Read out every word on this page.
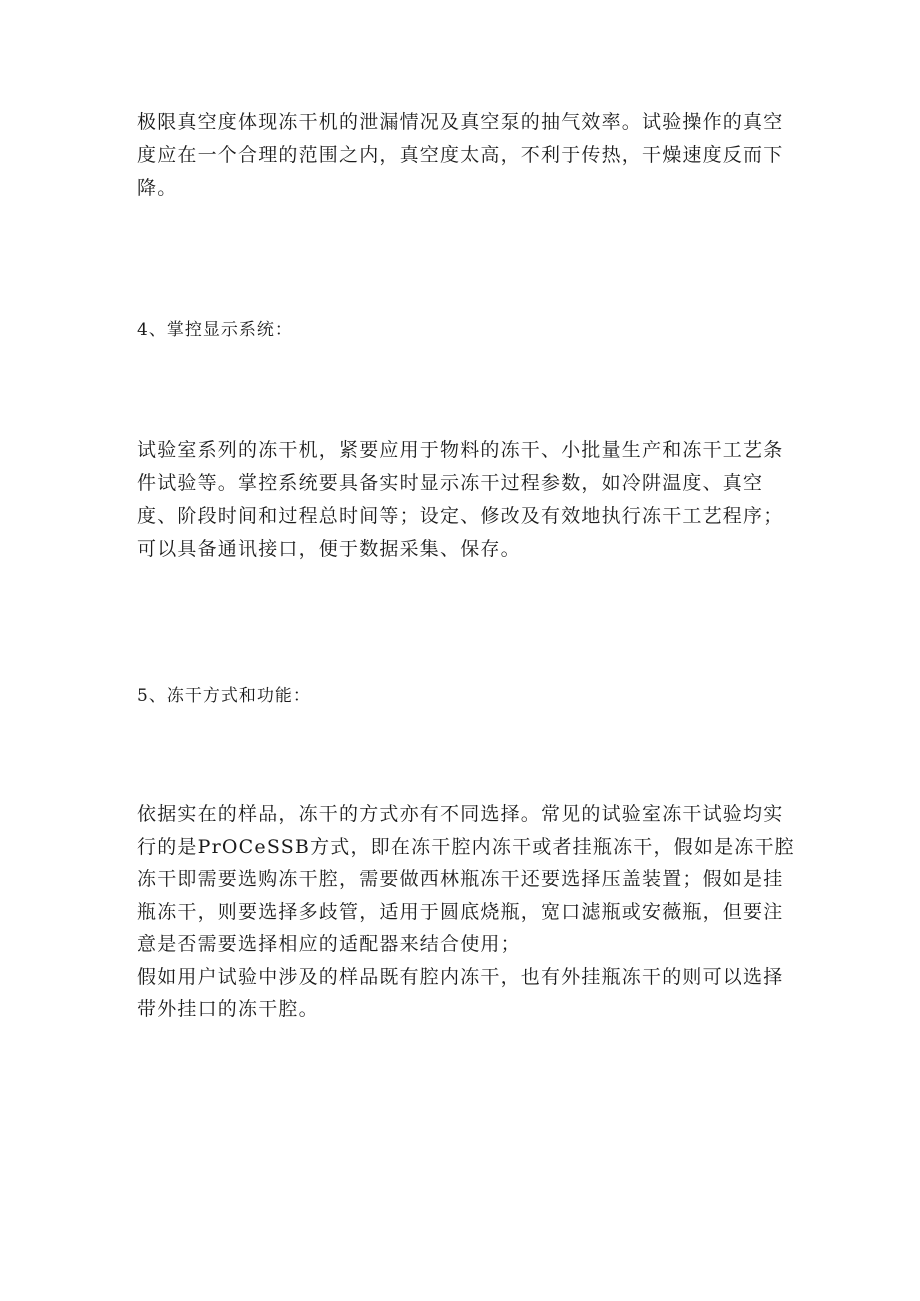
极限真空度体现冻干机的泄漏情况及真空泵的抽气效率。试验操作的真空
度应在一个合理的范围之内，真空度太高，不利于传热，干燥速度反而下
降。

4、掌控显示系统：

试验室系列的冻干机，紧要应用于物料的冻干、小批量生产和冻干工艺条
件试验等。掌控系统要具备实时显示冻干过程参数，如冷阱温度、真空
度、阶段时间和过程总时间等；设定、修改及有效地执行冻干工艺程序；
可以具备通讯接口，便于数据采集、保存。

5、冻干方式和功能：

依据实在的样品，冻干的方式亦有不同选择。常见的试验室冻干试验均实
行的是PrOCeSSB方式，即在冻干腔内冻干或者挂瓶冻干，假如是冻干腔
冻干即需要选购冻干腔，需要做西林瓶冻干还要选择压盖装置；假如是挂
瓶冻干，则要选择多歧管，适用于圆底烧瓶，宽口滤瓶或安薇瓶，但要注
意是否需要选择相应的适配器来结合使用；
假如用户试验中涉及的样品既有腔内冻干，也有外挂瓶冻干的则可以选择
带外挂口的冻干腔。
